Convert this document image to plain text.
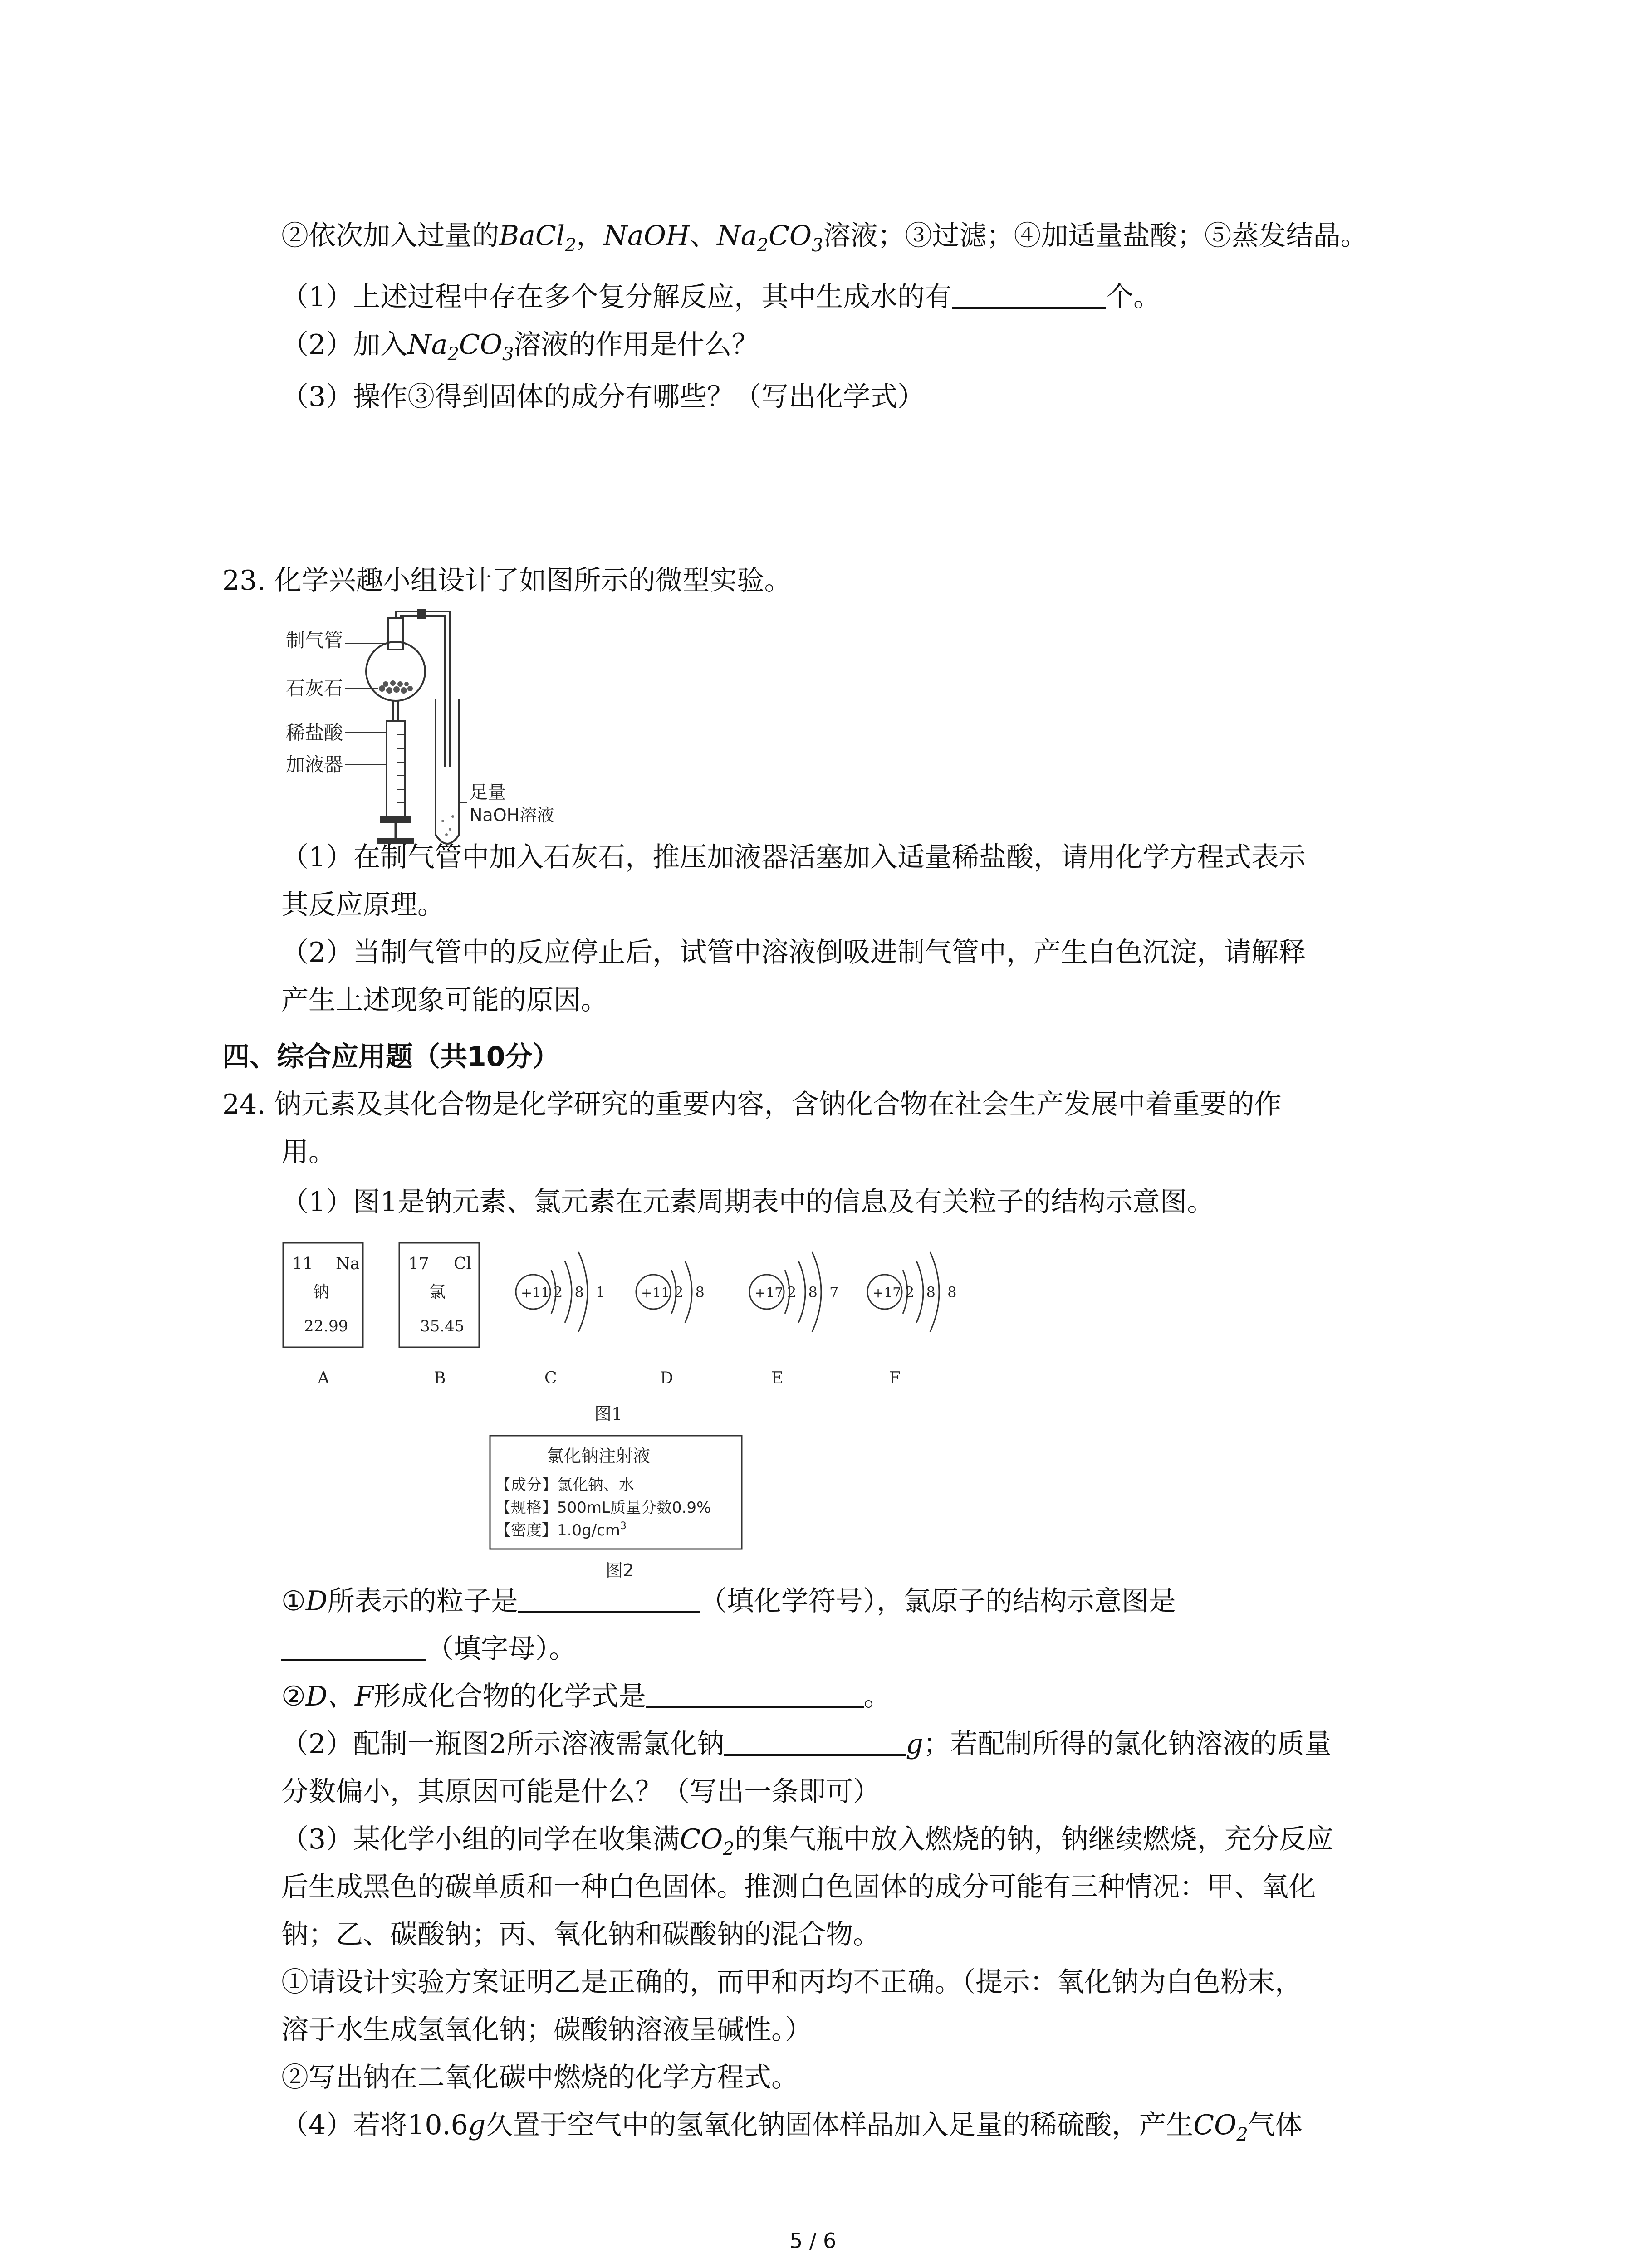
②依次加入过量的BaCl$_2$，NaOH、$Na_2CO_3$溶液；③过滤；④加适量盐酸；⑤蒸发结晶。
（1）上述过程中存在多个复分解反应，其中生成水的有	个。
（2）加入$Na_2CO_3$溶液的作用是什么？
（3）操作③得到固体的成分有哪些？（写出化学式）
23. 化学兴趣小组设计了如图所示的微型实验。
制气管
石灰石
稀盐酸
加液器
足量
NaOH溶液
（1）在制气管中加入石灰石，推压加液器活塞加入适量稀盐酸，请用化学方程式表示
其反应原理。
（2）当制气管中的反应停止后，试管中溶液倒吸进制气管中，产生白色沉淀，请解释
产生上述现象可能的原因。
四、综合应用题（共10分）
24. 钠元素及其化合物是化学研究的重要内容，含钠化合物在社会生产发展中着重要的作
用。
（1）图1是钠元素、氯元素在元素周期表中的信息及有关粒子的结构示意图。
11 Na
钠
22.99
17 Cl
氯
35.45
+11 2 8 1 +11 2 8	+17 2 8 7 +17 2 8 8
A	B	C	D	E	F
图1
氯化钠注射液
【成分】氯化钠、水
【规格】500mL质量分数0.9%
【密度】$1.0g/cm^3$
图2
①D所表示的粒子是	（填化学符号），氯原子的结构示意图是
（填字母）。
②D、F形成化合物的化学式是	。
（2）配制一瓶图2所示溶液需氯化钠	g；若配制所得的氯化钠溶液的质量
分数偏小，其原因可能是什么？（写出一条即可）
（3）某化学小组的同学在收集满$CO_2$的集气瓶中放入燃烧的钠，钠继续燃烧，充分反应
后生成黑色的碳单质和一种白色固体。推测白色固体的成分可能有三种情况：甲、氧化
钠；乙、碳酸钠；丙、氧化钠和碳酸钠的混合物。
①请设计实验方案证明乙是正确的，而甲和丙均不正确。（提示：氧化钠为白色粉末，
溶于水生成氢氧化钠；碳酸钠溶液呈碱性。）
②写出钠在二氧化碳中燃烧的化学方程式。
（4）若将10.6g久置于空气中的氢氧化钠固体样品加入足量的稀硫酸，产生$CO_2$气体
5 / 6
